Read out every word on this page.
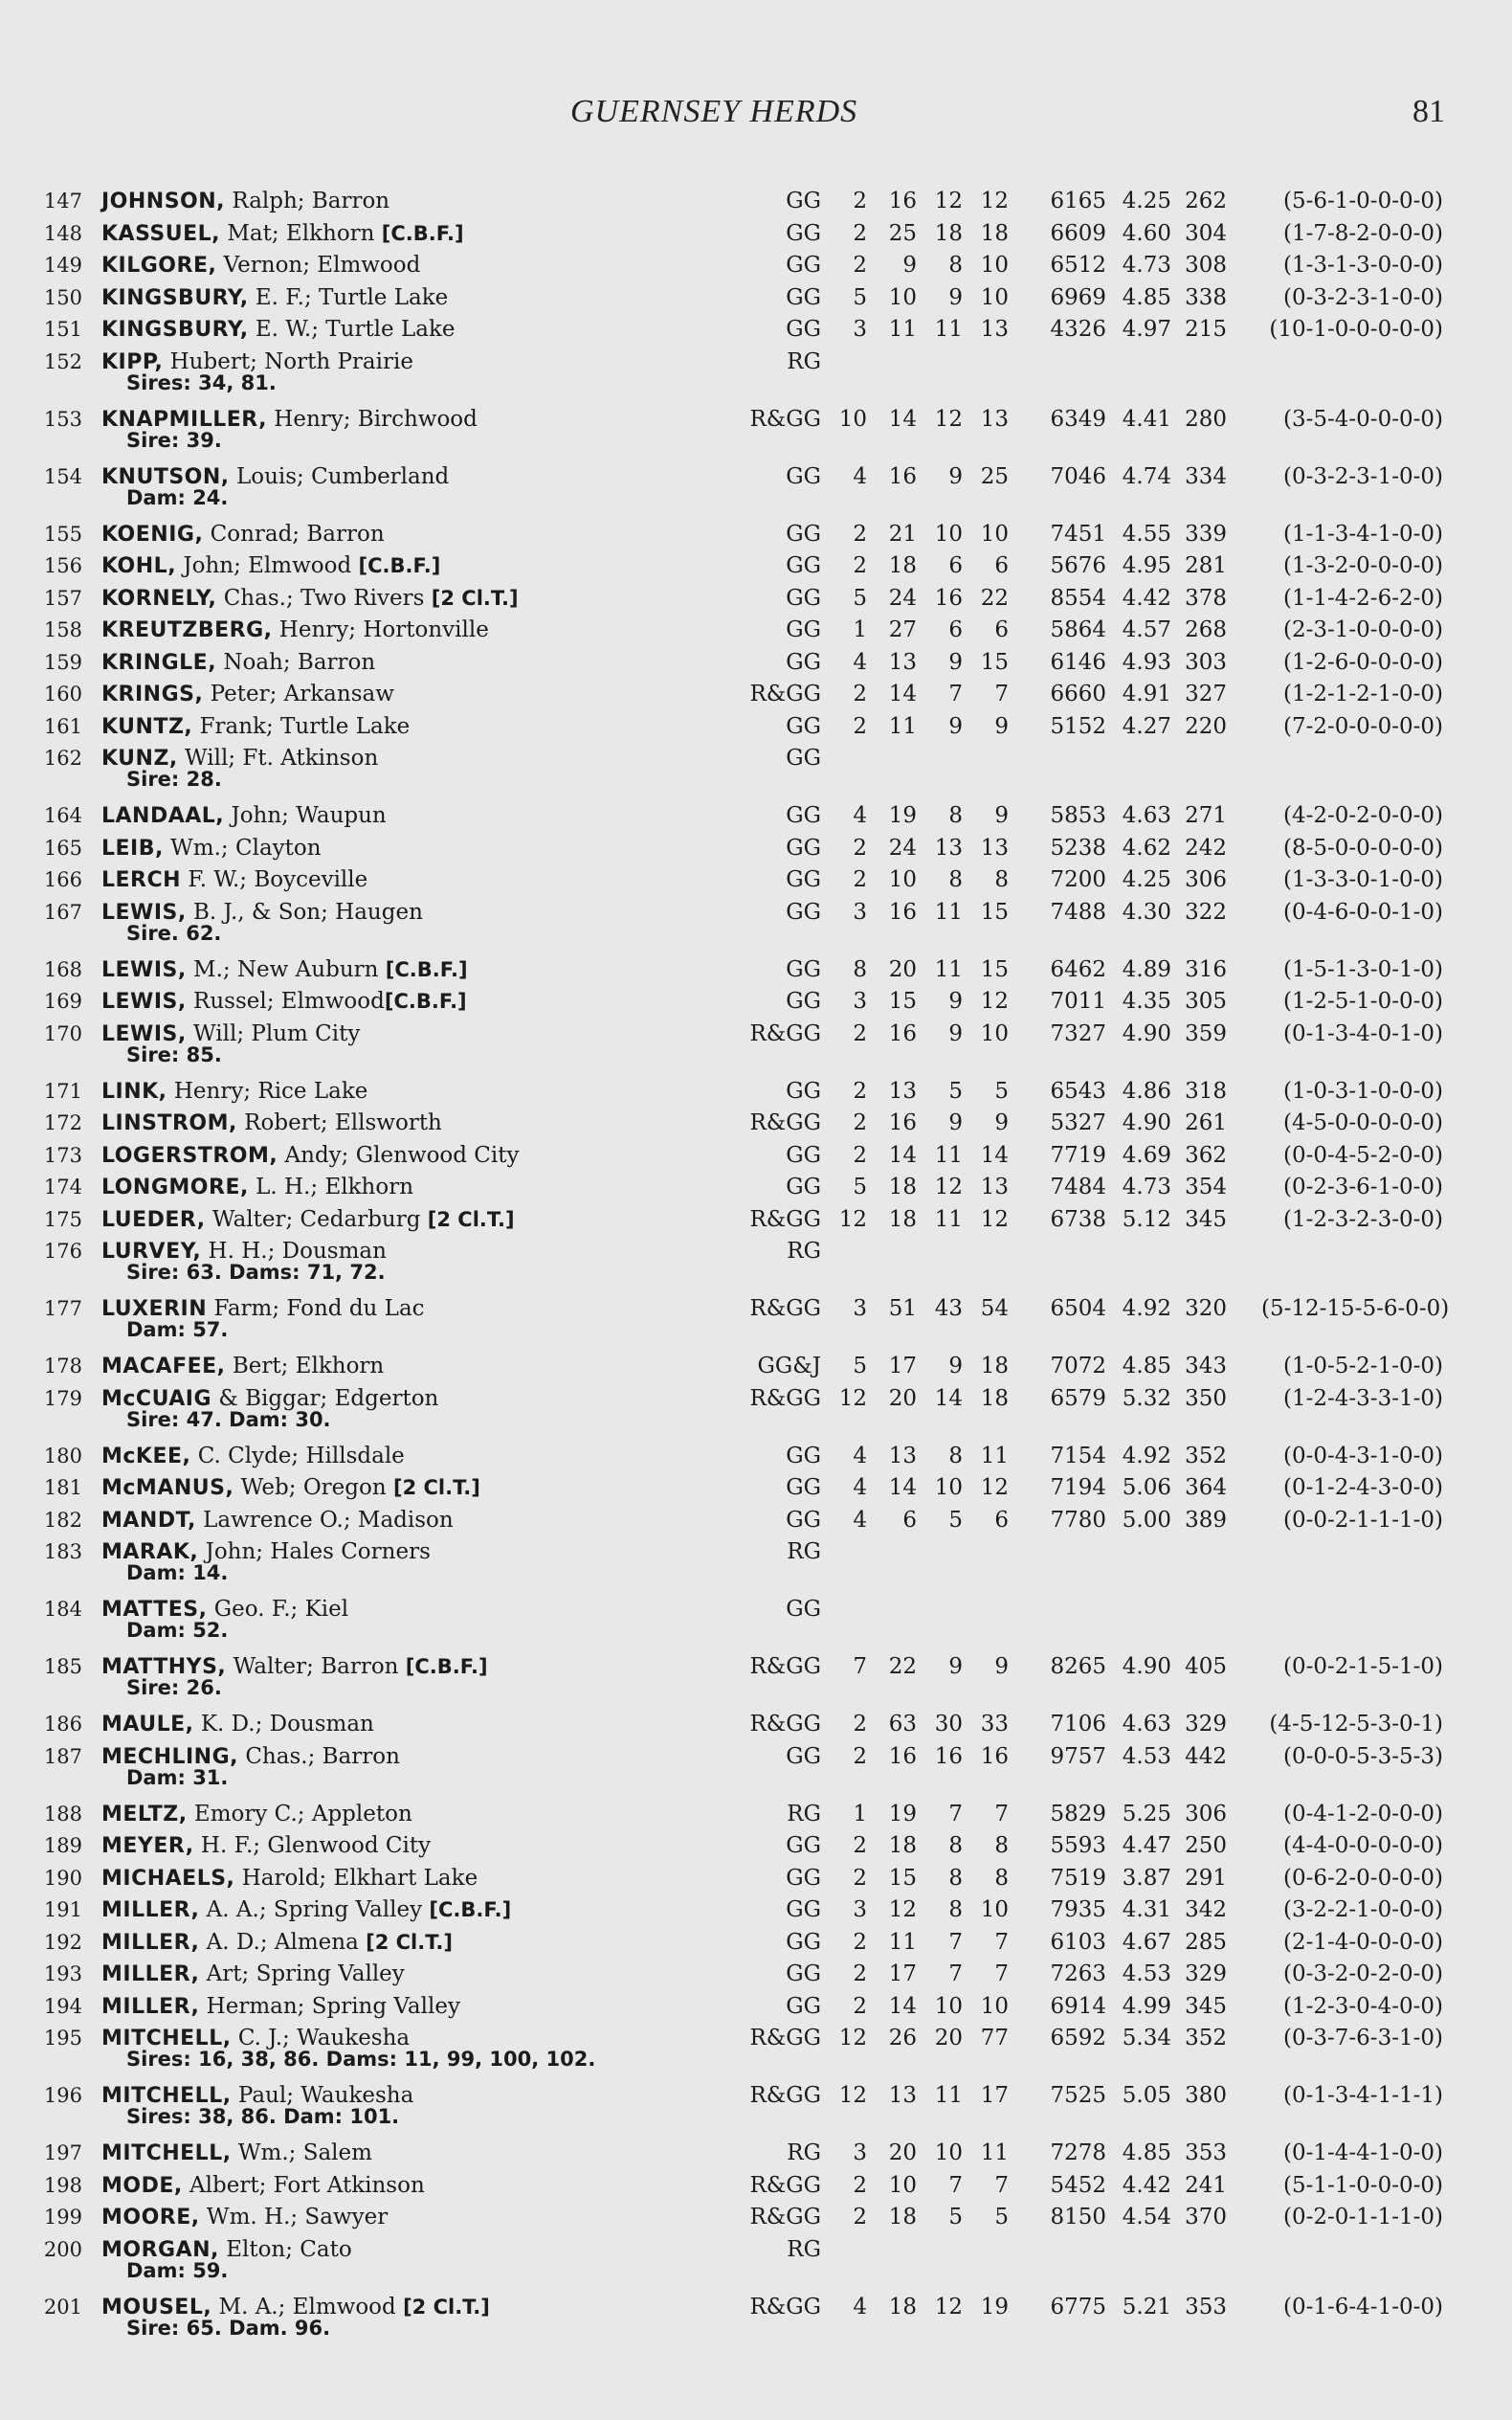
GUERNSEY HERDS	81
147	GG	2 16 12 12	6165 4.25 262	(5-6-1-0-0-0-0)
JOHNSON, Ralph; Barron
148	GG	2 25 18 18	6609 4.60 304	(1-7-8-2-0-0-0)
KASSUEL, Mat; Elkhorn [C.B.F.]
149	GG	2	9	8 10	6512 4.73 308	(1-3-1-3-0-0-0)
KILGORE, Vernon; Elmwood
150	GG	5 10	9 10	6969 4.85 338	(0-3-2-3-1-0-0)
KINGSBURY, E. F.; Turtle Lake
151	GG	3 11 11 13	4326 4.97 215	(10-1-0-0-0-0-0)
KINGSBURY, E. W.; Turtle Lake
152	RG
KIPP, Hubert; North Prairie
Sires: 34, 81.
153	R&GG 10 14 12 13	6349 4.41 280	(3-5-4-0-0-0-0)
KNAPMILLER, Henry; Birchwood
Sire: 39.
154	GG	4 16	9 25	7046 4.74 334	(0-3-2-3-1-0-0)
KNUTSON, Louis; Cumberland
Dam: 24.
155	GG	2 21 10 10	7451 4.55 339	(1-1-3-4-1-0-0)
KOENIG, Conrad; Barron
156	GG	2 18	6	6	5676 4.95 281	(1-3-2-0-0-0-0)
KOHL, John; Elmwood [C.B.F.]
157	GG	5 24 16 22	8554 4.42 378	(1-1-4-2-6-2-0)
KORNELY, Chas.; Two Rivers [2 Cl.T.]
158	GG	1 27	6	6	5864 4.57 268	(2-3-1-0-0-0-0)
KREUTZBERG, Henry; Hortonville
159	GG	4 13	9 15	6146 4.93 303	(1-2-6-0-0-0-0)
KRINGLE, Noah; Barron
160	R&GG	2 14	7	7	6660 4.91 327	(1-2-1-2-1-0-0)
KRINGS, Peter; Arkansaw
161	GG	2 11	9	9	5152 4.27 220	(7-2-0-0-0-0-0)
KUNTZ, Frank; Turtle Lake
162	GG
KUNZ, Will; Ft. Atkinson
Sire: 28.
164	GG	4 19	8	9	5853 4.63 271	(4-2-0-2-0-0-0)
LANDAAL, John; Waupun
165	GG	2 24 13 13	5238 4.62 242	(8-5-0-0-0-0-0)
LEIB, Wm.; Clayton
166	GG	2 10	8	8	7200 4.25 306	(1-3-3-0-1-0-0)
LERCH F. W.; Boyceville
167	GG	3 16 11 15	7488 4.30 322	(0-4-6-0-0-1-0)
LEWIS, B. J., & Son; Haugen
Sire. 62.
168	GG	8 20 11 15	6462 4.89 316	(1-5-1-3-0-1-0)
LEWIS, M.; New Auburn [C.B.F.]
169	GG	3 15	9 12	7011 4.35 305	(1-2-5-1-0-0-0)
LEWIS, Russel; Elmwood[C.B.F.]
170	R&GG	2 16	9 10	7327 4.90 359	(0-1-3-4-0-1-0)
LEWIS, Will; Plum City
Sire: 85.
171	GG	2 13	5	5	6543 4.86 318	(1-0-3-1-0-0-0)
LINK, Henry; Rice Lake
172	R&GG	2 16	9	9	5327 4.90 261	(4-5-0-0-0-0-0)
LINSTROM, Robert; Ellsworth
173	GG	2 14 11 14	7719 4.69 362	(0-0-4-5-2-0-0)
LOGERSTROM, Andy; Glenwood City
174	GG	5 18 12 13	7484 4.73 354	(0-2-3-6-1-0-0)
LONGMORE, L. H.; Elkhorn
175	R&GG 12 18 11 12	6738 5.12 345	(1-2-3-2-3-0-0)
LUEDER, Walter; Cedarburg [2 Cl.T.]
176	RG
LURVEY, H. H.; Dousman
Sire: 63. Dams: 71, 72.
177	R&GG	3 51 43 54	6504 4.92 320 (5-12-15-5-6-0-0)
LUXERIN Farm; Fond du Lac
Dam: 57.
178	GG&J	5 17	9 18	7072 4.85 343	(1-0-5-2-1-0-0)
MACAFEE, Bert; Elkhorn
179	R&GG 12 20 14 18	6579 5.32 350	(1-2-4-3-3-1-0)
McCUAIG & Biggar; Edgerton
Sire: 47. Dam: 30.
180	GG	4 13	8 11	7154 4.92 352	(0-0-4-3-1-0-0)
McKEE, C. Clyde; Hillsdale
181	GG	4 14 10 12	7194 5.06 364	(0-1-2-4-3-0-0)
McMANUS, Web; Oregon [2 Cl.T.]
182	GG	4	6	5	6	7780 5.00 389	(0-0-2-1-1-1-0)
MANDT, Lawrence O.; Madison
183	RG
MARAK, John; Hales Corners
Dam: 14.
184	GG
MATTES, Geo. F.; Kiel
Dam: 52.
185	R&GG	7 22	9	9	8265 4.90 405	(0-0-2-1-5-1-0)
MATTHYS, Walter; Barron [C.B.F.]
Sire: 26.
186	R&GG	2 63 30 33	7106 4.63 329	(4-5-12-5-3-0-1)
MAULE, K. D.; Dousman
187	GG	2 16 16 16	9757 4.53 442	(0-0-0-5-3-5-3)
MECHLING, Chas.; Barron
Dam: 31.
188	RG	1 19	7	7	5829 5.25 306	(0-4-1-2-0-0-0)
MELTZ, Emory C.; Appleton
189	GG	2 18	8	8	5593 4.47 250	(4-4-0-0-0-0-0)
MEYER, H. F.; Glenwood City
190	GG	2 15	8	8	7519 3.87 291	(0-6-2-0-0-0-0)
MICHAELS, Harold; Elkhart Lake
191	GG	3 12	8 10	7935 4.31 342	(3-2-2-1-0-0-0)
MILLER, A. A.; Spring Valley [C.B.F.]
192	GG	2 11	7	7	6103 4.67 285	(2-1-4-0-0-0-0)
MILLER, A. D.; Almena [2 Cl.T.]
193	GG	2 17	7	7	7263 4.53 329	(0-3-2-0-2-0-0)
MILLER, Art; Spring Valley
194	GG	2 14 10 10	6914 4.99 345	(1-2-3-0-4-0-0)
MILLER, Herman; Spring Valley
195	R&GG 12 26 20 77	6592 5.34 352	(0-3-7-6-3-1-0)
MITCHELL, C. J.; Waukesha
Sires: 16, 38, 86. Dams: 11, 99, 100, 102.
196	R&GG 12 13 11 17	7525 5.05 380	(0-1-3-4-1-1-1)
MITCHELL, Paul; Waukesha
Sires: 38, 86. Dam: 101.
197	RG	3 20 10 11	7278 4.85 353	(0-1-4-4-1-0-0)
MITCHELL, Wm.; Salem
198	R&GG	2 10	7	7	5452 4.42 241	(5-1-1-0-0-0-0)
MODE, Albert; Fort Atkinson
199	R&GG	2 18	5	5	8150 4.54 370	(0-2-0-1-1-1-0)
MOORE, Wm. H.; Sawyer
200	RG
MORGAN, Elton; Cato
Dam: 59.
201	R&GG	4 18 12 19	6775 5.21 353	(0-1-6-4-1-0-0)
MOUSEL, M. A.; Elmwood [2 Cl.T.]
Sire: 65. Dam. 96.
